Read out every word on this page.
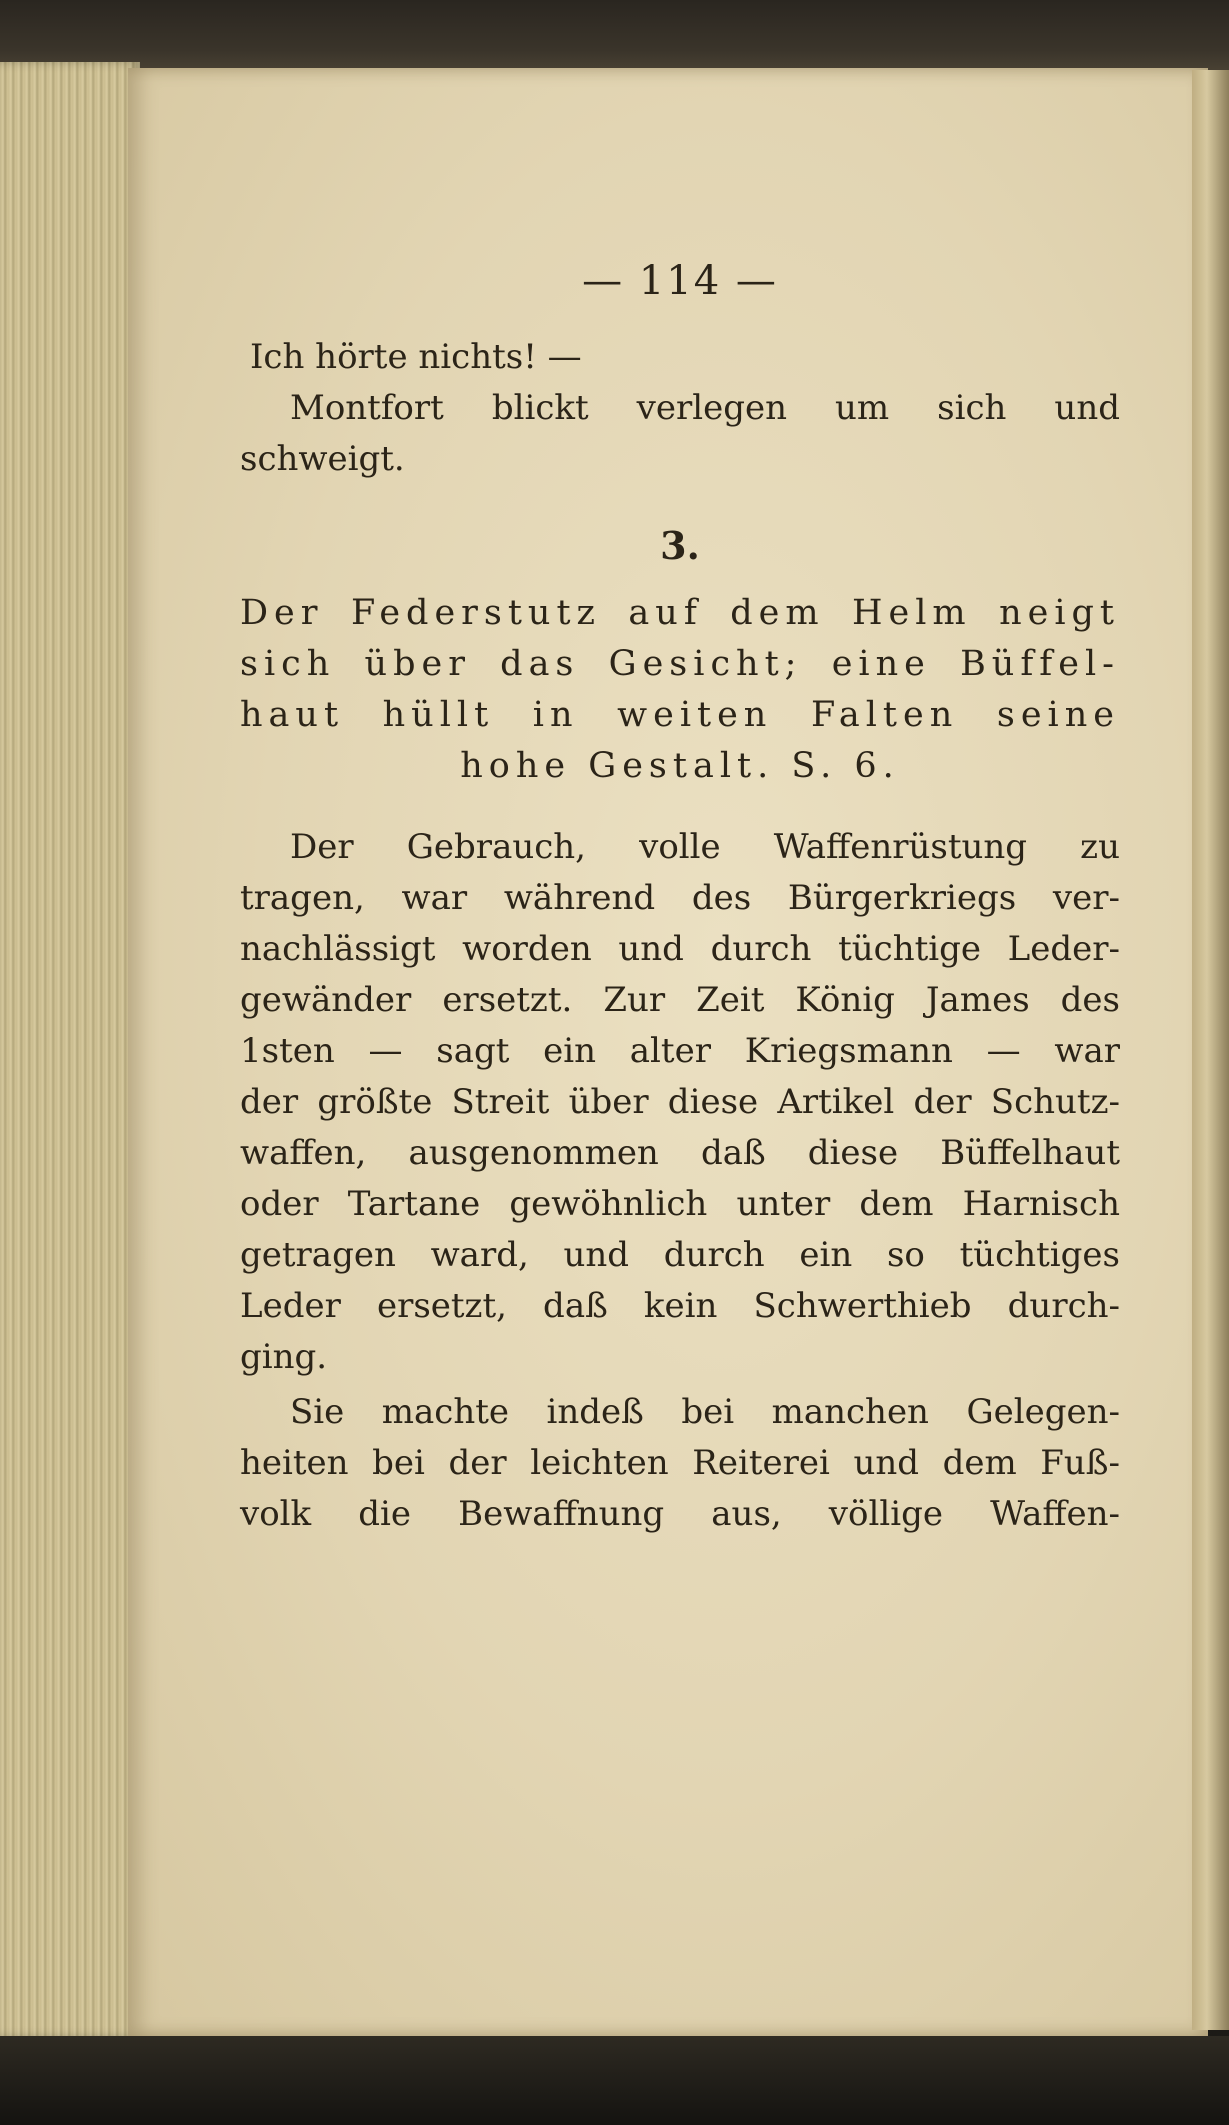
— 114 —

Ich hörte nichts! —

Montfort blickt verlegen um sich und

schweigt.

3.

Der Federstutz auf dem Helm neigt

sich über das Gesicht; eine Büffel-

haut hüllt in weiten Falten seine

hohe Gestalt. S. 6.

Der Gebrauch, volle Waffenrüstung zu

tragen, war während des Bürgerkriegs ver-

nachlässigt worden und durch tüchtige Leder-

gewänder ersetzt. Zur Zeit König James des

1sten — sagt ein alter Kriegsmann — war

der größte Streit über diese Artikel der Schutz-

waffen, ausgenommen daß diese Büffelhaut

oder Tartane gewöhnlich unter dem Harnisch

getragen ward, und durch ein so tüchtiges

Leder ersetzt, daß kein Schwerthieb durch-

ging.

Sie machte indeß bei manchen Gelegen-

heiten bei der leichten Reiterei und dem Fuß-

volk die Bewaffnung aus, völlige Waffen-
